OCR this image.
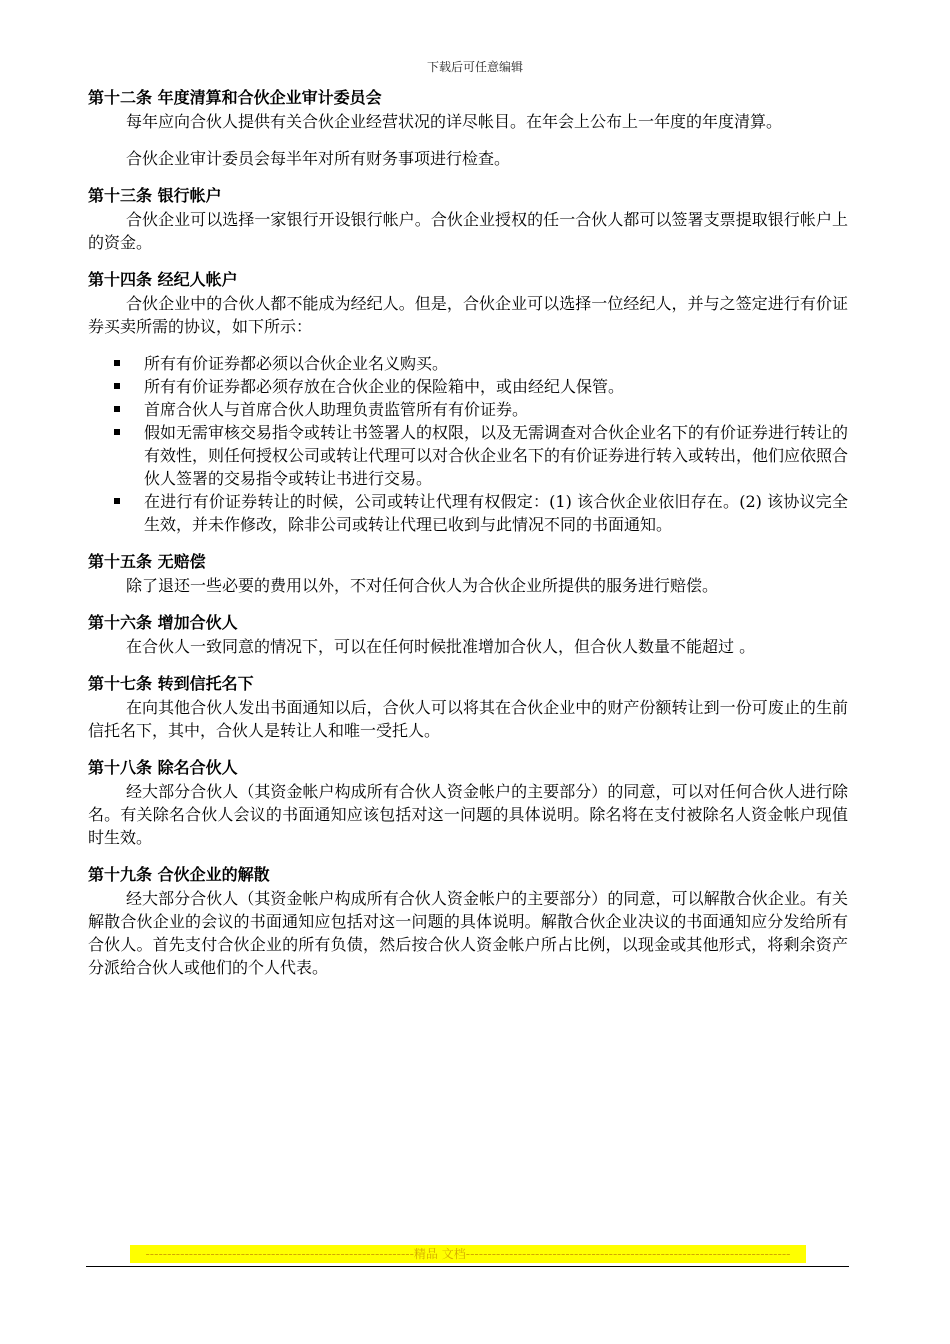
下载后可任意编辑

第十二条 年度清算和合伙企业审计委员会

每年应向合伙人提供有关合伙企业经营状况的详尽帐目。在年会上公布上一年度的年度清算。

合伙企业审计委员会每半年对所有财务事项进行检查。

第十三条 银行帐户

合伙企业可以选择一家银行开设银行帐户。合伙企业授权的任一合伙人都可以签署支票提取银行帐户上的资金。

第十四条 经纪人帐户

合伙企业中的合伙人都不能成为经纪人。但是，合伙企业可以选择一位经纪人，并与之签定进行有价证券买卖所需的协议，如下所示：

所有有价证券都必须以合伙企业名义购买。
所有有价证券都必须存放在合伙企业的保险箱中，或由经纪人保管。
首席合伙人与首席合伙人助理负责监管所有有价证券。
假如无需审核交易指令或转让书签署人的权限，以及无需调查对合伙企业名下的有价证券进行转让的有效性，则任何授权公司或转让代理可以对合伙企业名下的有价证券进行转入或转出，他们应依照合伙人签署的交易指令或转让书进行交易。
在进行有价证券转让的时候，公司或转让代理有权假定：(1) 该合伙企业依旧存在。(2) 该协议完全生效，并未作修改，除非公司或转让代理已收到与此情况不同的书面通知。

第十五条 无赔偿

除了退还一些必要的费用以外，不对任何合伙人为合伙企业所提供的服务进行赔偿。

第十六条 增加合伙人

在合伙人一致同意的情况下，可以在任何时候批准增加合伙人，但合伙人数量不能超过 。

第十七条 转到信托名下

在向其他合伙人发出书面通知以后，合伙人可以将其在合伙企业中的财产份额转让到一份可废止的生前信托名下，其中，合伙人是转让人和唯一受托人。

第十八条 除名合伙人

经大部分合伙人（其资金帐户构成所有合伙人资金帐户的主要部分）的同意，可以对任何合伙人进行除名。有关除名合伙人会议的书面通知应该包括对这一问题的具体说明。除名将在支付被除名人资金帐户现值时生效。

第十九条 合伙企业的解散

经大部分合伙人（其资金帐户构成所有合伙人资金帐户的主要部分）的同意，可以解散合伙企业。有关解散合伙企业的会议的书面通知应包括对这一问题的具体说明。解散合伙企业决议的书面通知应分发给所有合伙人。首先支付合伙企业的所有负债，然后按合伙人资金帐户所占比例，以现金或其他形式，将剩余资产分派给合伙人或他们的个人代表。

--------------------------------------------------------------精品 文档---------------------------------------------------------------------------
